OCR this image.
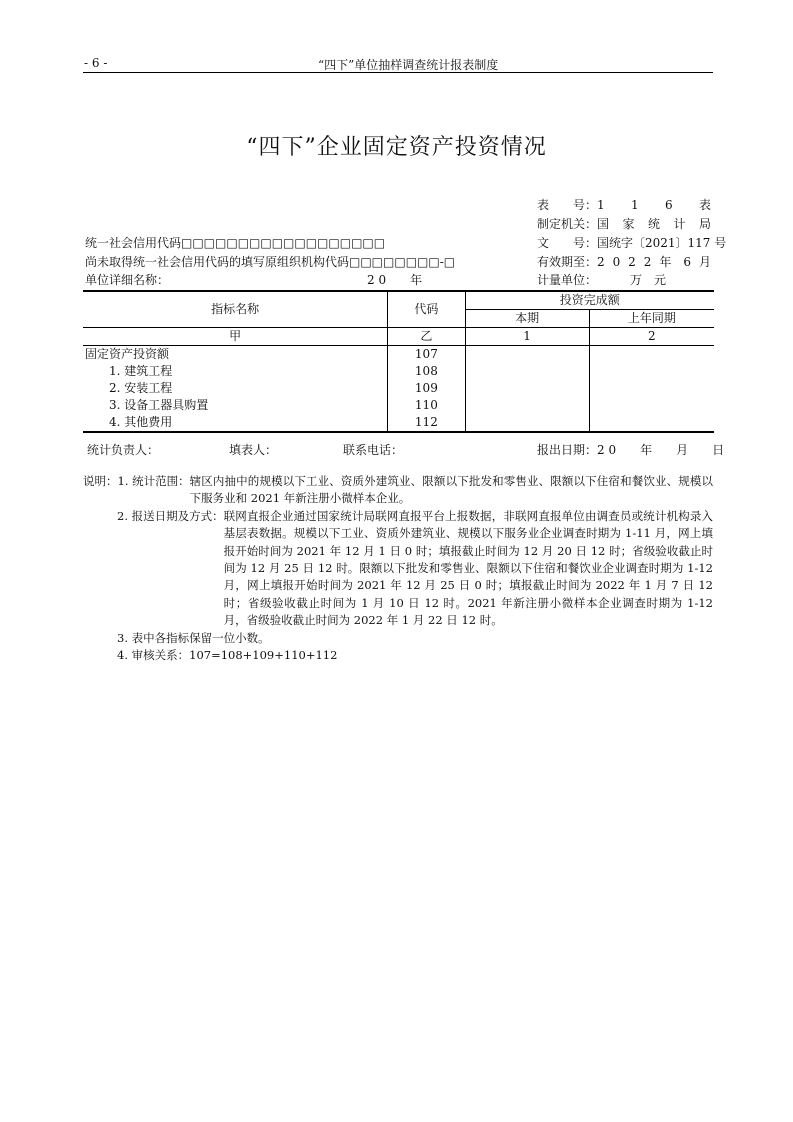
- 6 -	“四下”单位抽样调查统计报表制度
“四下”企业固定资产投资情况
表　　号： 1 1 6 表
制定机关： 国 家 统 计 局
文　　号： 国统字〔2021〕117 号
有效期至： 2 0 2 2 年 6 月
计量单位：	万　元
统一社会信用代码□□□□□□□□□□□□□□□□□□
尚未取得统一社会信用代码的填写原组织机构代码□□□□□□□□-□
单位详细名称：	2 0　　年
指标名称	代码	投资完成额	
		本期	上年同期
甲	乙	1	2
固定资产投资额	107		
1. 建筑工程	108		
2. 安装工程	109		
3. 设备工器具购置	110		
4. 其他费用	112		
统计负责人：	填表人：	联系电话：	报出日期：2 0　　年　　月　　日
说明： 1. 统计范围： 辖区内抽中的规模以下工业、资质外建筑业、限额以下批发和零售业、限额以下住宿和餐饮业、规模以下服务业和 2021 年新注册小微样本企业。
2. 报送日期及方式： 联网直报企业通过国家统计局联网直报平台上报数据，非联网直报单位由调查员或统计机构录入基层表数据。规模以下工业、资质外建筑业、规模以下服务业企业调查时期为 1-11 月，网上填报开始时间为 2021 年 12 月 1 日 0 时；填报截止时间为 12 月 20 日 12 时；省级验收截止时间为 12 月 25 日 12 时。限额以下批发和零售业、限额以下住宿和餐饮业企业调查时期为 1-12 月，网上填报开始时间为 2021 年 12 月 25 日 0 时；填报截止时间为 2022 年 1 月 7 日 12 时；省级验收截止时间为 1 月 10 日 12 时。2021 年新注册小微样本企业调查时期为 1-12 月，省级验收截止时间为 2022 年 1 月 22 日 12 时。
3. 表中各指标保留一位小数。
4. 审核关系：107=108+109+110+112
